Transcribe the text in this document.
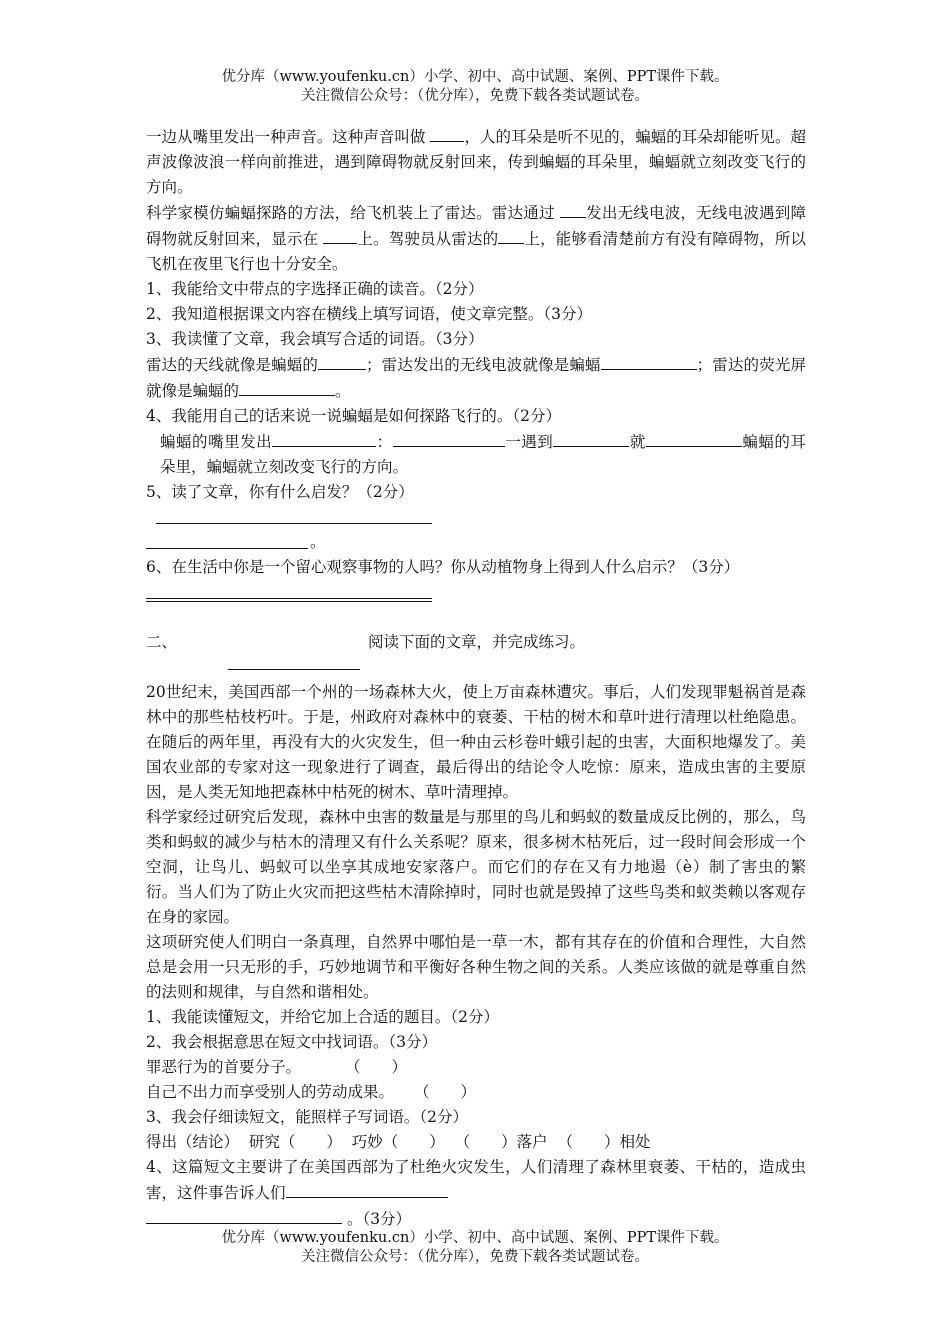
优分库（www.youfenku.cn）小学、初中、高中试题、案例、PPT课件下载。
关注微信公众号：（优分库），免费下载各类试题试卷。

一边从嘴里发出一种声音。这种声音叫做 ，人的耳朵是听不见的，蝙蝠的耳朵却能听见。超声波像波浪一样向前推进，遇到障碍物就反射回来，传到蝙蝠的耳朵里，蝙蝠就立刻改变飞行的方向。

科学家模仿蝙蝠探路的方法，给飞机装上了雷达。雷达通过 发出无线电波，无线电波遇到障碍物就反射回来，显示在 上。驾驶员从雷达的 上，能够看清楚前方有没有障碍物，所以飞机在夜里飞行也十分安全。

1、我能给文中带点的字选择正确的读音。（2分）

2、我知道根据课文内容在横线上填写词语，使文章完整。（3分）

3、我读懂了文章，我会填写合适的词语。（3分）

雷达的天线就像是蝙蝠的	；雷达发出的无线电波就像是蝙蝠	；雷达的荧光屏就像是蝙蝠的	。

4、我能用自己的话来说一说蝙蝠是如何探路飞行的。（2分）

蝙蝠的嘴里发出	：	一遇到	就	蝙蝠的耳朵里，蝙蝠就立刻改变飞行的方向。

5、读了文章，你有什么启发？（2分）

。

6、在生活中你是一个留心观察事物的人吗？你从动植物身上得到人什么启示？（3分）

二、	阅读下面的文章，并完成练习。

20世纪末，美国西部一个州的一场森林大火，使上万亩森林遭灾。事后，人们发现罪魁祸首是森林中的那些枯枝朽叶。于是，州政府对森林中的衰萎、干枯的树木和草叶进行清理以杜绝隐患。在随后的两年里，再没有大的火灾发生，但一种由云杉卷叶蛾引起的虫害，大面积地爆发了。美国农业部的专家对这一现象进行了调查，最后得出的结论令人吃惊：原来，造成虫害的主要原因，是人类无知地把森林中枯死的树木、草叶清理掉。

科学家经过研究后发现，森林中虫害的数量是与那里的鸟儿和蚂蚁的数量成反比例的，那么，鸟类和蚂蚁的减少与枯木的清理又有什么关系呢？原来，很多树木枯死后，过一段时间会形成一个空洞，让鸟儿、蚂蚁可以坐享其成地安家落户。而它们的存在又有力地遏（è）制了害虫的繁衍。当人们为了防止火灾而把这些枯木清除掉时，同时也就是毁掉了这些鸟类和蚁类赖以客观存在身的家园。

这项研究使人们明白一条真理，自然界中哪怕是一草一木，都有其存在的价值和合理性，大自然总是会用一只无形的手，巧妙地调节和平衡好各种生物之间的关系。人类应该做的就是尊重自然的法则和规律，与自然和谐相处。

1、我能读懂短文，并给它加上合适的题目。（2分）

2、我会根据意思在短文中找词语。（3分）

罪恶行为的首要分子。	（　　）

自己不出力而享受别人的劳动成果。 （　　）

3、我会仔细读短文，能照样子写词语。（2分）

得出（结论） 研究（　　） 巧妙（　　） （　　）落户 （　　）相处

4、这篇短文主要讲了在美国西部为了杜绝火灾发生，人们清理了森林里衰萎、干枯的，造成虫害，这件事告诉人们

。（3分）

优分库（www.youfenku.cn）小学、初中、高中试题、案例、PPT课件下载。
关注微信公众号：（优分库），免费下载各类试题试卷。
